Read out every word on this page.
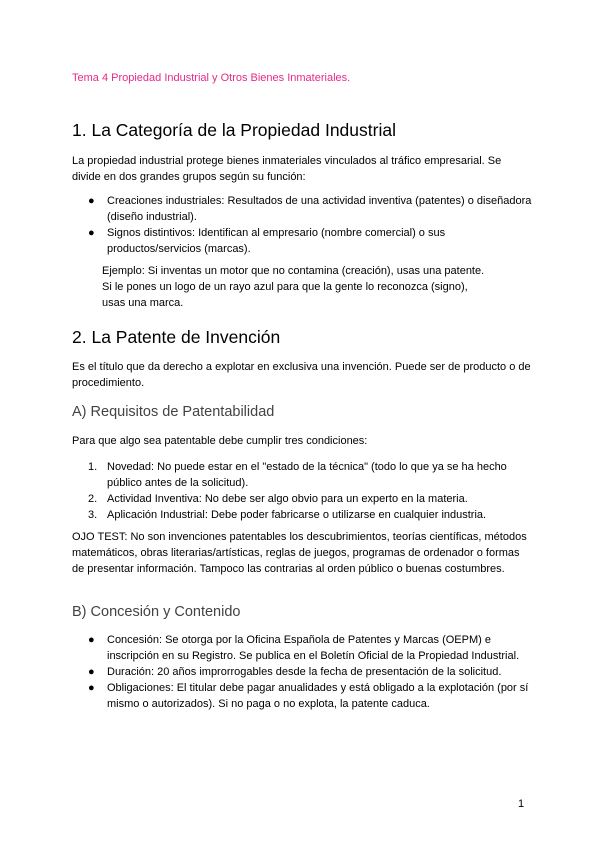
Tema 4 Propiedad Industrial y Otros Bienes Inmateriales.
1. La Categoría de la Propiedad Industrial

La propiedad industrial protege bienes inmateriales vinculados al tráfico empresarial. Se divide en dos grandes grupos según su función:

● Creaciones industriales: Resultados de una actividad inventiva (patentes) o diseñadora (diseño industrial).
● Signos distintivos: Identifican al empresario (nombre comercial) o sus productos/servicios (marcas).
Ejemplo: Si inventas un motor que no contamina (creación), usas una patente.
Si le pones un logo de un rayo azul para que la gente lo reconozca (signo),
usas una marca.
2. La Patente de Invención

Es el título que da derecho a explotar en exclusiva una invención. Puede ser de producto o de procedimiento.

A) Requisitos de Patentabilidad

Para que algo sea patentable debe cumplir tres condiciones:

1. Novedad: No puede estar en el "estado de la técnica" (todo lo que ya se ha hecho público antes de la solicitud).
2. Actividad Inventiva: No debe ser algo obvio para un experto en la materia.
3. Aplicación Industrial: Debe poder fabricarse o utilizarse en cualquier industria.

OJO TEST: No son invenciones patentables los descubrimientos, teorías científicas, métodos matemáticos, obras literarias/artísticas, reglas de juegos, programas de ordenador o formas de presentar información. Tampoco las contrarias al orden público o buenas costumbres.

B) Concesión y Contenido
● Concesión: Se otorga por la Oficina Española de Patentes y Marcas (OEPM) e inscripción en su Registro. Se publica en el Boletín Oficial de la Propiedad Industrial.
● Duración: 20 años improrrogables desde la fecha de presentación de la solicitud.
● Obligaciones: El titular debe pagar anualidades y está obligado a la explotación (por sí mismo o autorizados). Si no paga o no explota, la patente caduca.
1
